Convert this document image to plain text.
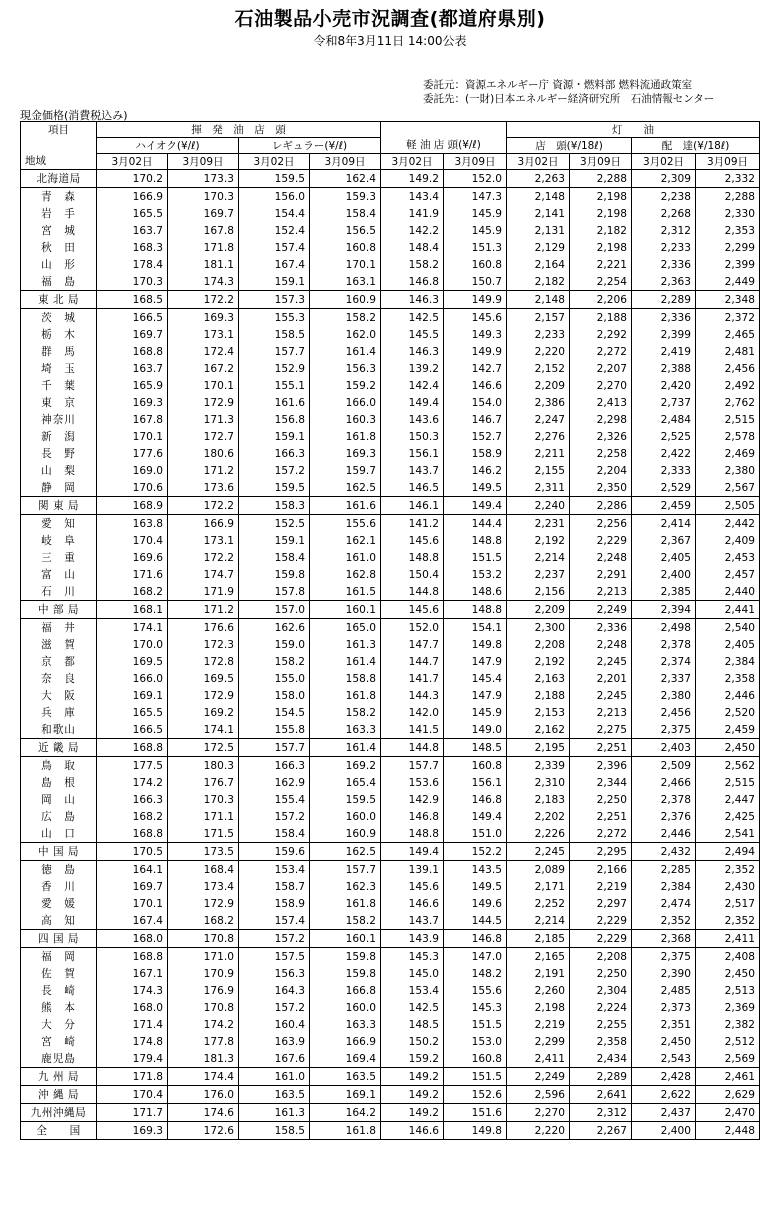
石油製品小売市況調査(都道府県別)
令和8年3月11日 14:00公表
委託元：資源エネルギー庁 資源・燃料部 燃料流通政策室
委託先：(一財)日本エネルギー経済研究所　石油情報センター
現金価格(消費税込み)
項目	揮　発　油　店　頭						灯　　油			
	ハイオク(¥/ℓ)		レギュラー(¥/ℓ)		軽 油 店 頭(¥/ℓ)		店　頭(¥/18ℓ)		配　達(¥/18ℓ)	
地域	3月02日	3月09日	3月02日	3月09日	3月02日	3月09日	3月02日	3月09日	3月02日	3月09日
北海道局	170.2	173.3	159.5	162.4	149.2	152.0	2,263	2,288	2,309	2,332
青　森	166.9	170.3	156.0	159.3	143.4	147.3	2,148	2,198	2,238	2,288
岩　手	165.5	169.7	154.4	158.4	141.9	145.9	2,141	2,198	2,268	2,330
宮　城	163.7	167.8	152.4	156.5	142.2	145.9	2,131	2,182	2,312	2,353
秋　田	168.3	171.8	157.4	160.8	148.4	151.3	2,129	2,198	2,233	2,299
山　形	178.4	181.1	167.4	170.1	158.2	160.8	2,164	2,221	2,336	2,399
福　島	170.3	174.3	159.1	163.1	146.8	150.7	2,182	2,254	2,363	2,449
東 北 局	168.5	172.2	157.3	160.9	146.3	149.9	2,148	2,206	2,289	2,348
茨　城	166.5	169.3	155.3	158.2	142.5	145.6	2,157	2,188	2,336	2,372
栃　木	169.7	173.1	158.5	162.0	145.5	149.3	2,233	2,292	2,399	2,465
群　馬	168.8	172.4	157.7	161.4	146.3	149.9	2,220	2,272	2,419	2,481
埼　玉	163.7	167.2	152.9	156.3	139.2	142.7	2,152	2,207	2,388	2,456
千　葉	165.9	170.1	155.1	159.2	142.4	146.6	2,209	2,270	2,420	2,492
東　京	169.3	172.9	161.6	166.0	149.4	154.0	2,386	2,413	2,737	2,762
神奈川	167.8	171.3	156.8	160.3	143.6	146.7	2,247	2,298	2,484	2,515
新　潟	170.1	172.7	159.1	161.8	150.3	152.7	2,276	2,326	2,525	2,578
長　野	177.6	180.6	166.3	169.3	156.1	158.9	2,211	2,258	2,422	2,469
山　梨	169.0	171.2	157.2	159.7	143.7	146.2	2,155	2,204	2,333	2,380
静　岡	170.6	173.6	159.5	162.5	146.5	149.5	2,311	2,350	2,529	2,567
関 東 局	168.9	172.2	158.3	161.6	146.1	149.4	2,240	2,286	2,459	2,505
愛　知	163.8	166.9	152.5	155.6	141.2	144.4	2,231	2,256	2,414	2,442
岐　阜	170.4	173.1	159.1	162.1	145.6	148.8	2,192	2,229	2,367	2,409
三　重	169.6	172.2	158.4	161.0	148.8	151.5	2,214	2,248	2,405	2,453
富　山	171.6	174.7	159.8	162.8	150.4	153.2	2,237	2,291	2,400	2,457
石　川	168.2	171.9	157.8	161.5	144.8	148.6	2,156	2,213	2,385	2,440
中 部 局	168.1	171.2	157.0	160.1	145.6	148.8	2,209	2,249	2,394	2,441
福　井	174.1	176.6	162.6	165.0	152.0	154.1	2,300	2,336	2,498	2,540
滋　賀	170.0	172.3	159.0	161.3	147.7	149.8	2,208	2,248	2,378	2,405
京　都	169.5	172.8	158.2	161.4	144.7	147.9	2,192	2,245	2,374	2,384
奈　良	166.0	169.5	155.0	158.8	141.7	145.4	2,163	2,201	2,337	2,358
大　阪	169.1	172.9	158.0	161.8	144.3	147.9	2,188	2,245	2,380	2,446
兵　庫	165.5	169.2	154.5	158.2	142.0	145.9	2,153	2,213	2,456	2,520
和歌山	166.5	174.1	155.8	163.3	141.5	149.0	2,162	2,275	2,375	2,459
近 畿 局	168.8	172.5	157.7	161.4	144.8	148.5	2,195	2,251	2,403	2,450
鳥　取	177.5	180.3	166.3	169.2	157.7	160.8	2,339	2,396	2,509	2,562
島　根	174.2	176.7	162.9	165.4	153.6	156.1	2,310	2,344	2,466	2,515
岡　山	166.3	170.3	155.4	159.5	142.9	146.8	2,183	2,250	2,378	2,447
広　島	168.2	171.1	157.2	160.0	146.8	149.4	2,202	2,251	2,376	2,425
山　口	168.8	171.5	158.4	160.9	148.8	151.0	2,226	2,272	2,446	2,541
中 国 局	170.5	173.5	159.6	162.5	149.4	152.2	2,245	2,295	2,432	2,494
徳　島	164.1	168.4	153.4	157.7	139.1	143.5	2,089	2,166	2,285	2,352
香　川	169.7	173.4	158.7	162.3	145.6	149.5	2,171	2,219	2,384	2,430
愛　媛	170.1	172.9	158.9	161.8	146.6	149.6	2,252	2,297	2,474	2,517
高　知	167.4	168.2	157.4	158.2	143.7	144.5	2,214	2,229	2,352	2,352
四 国 局	168.0	170.8	157.2	160.1	143.9	146.8	2,185	2,229	2,368	2,411
福　岡	168.8	171.0	157.5	159.8	145.3	147.0	2,165	2,208	2,375	2,408
佐　賀	167.1	170.9	156.3	159.8	145.0	148.2	2,191	2,250	2,390	2,450
長　崎	174.3	176.9	164.3	166.8	153.4	155.6	2,260	2,304	2,485	2,513
熊　本	168.0	170.8	157.2	160.0	142.5	145.3	2,198	2,224	2,373	2,369
大　分	171.4	174.2	160.4	163.3	148.5	151.5	2,219	2,255	2,351	2,382
宮　崎	174.8	177.8	163.9	166.9	150.2	153.0	2,299	2,358	2,450	2,512
鹿児島	179.4	181.3	167.6	169.4	159.2	160.8	2,411	2,434	2,543	2,569
九 州 局	171.8	174.4	161.0	163.5	149.2	151.5	2,249	2,289	2,428	2,461
沖 縄 局	170.4	176.0	163.5	169.1	149.2	152.6	2,596	2,641	2,622	2,629
九州沖縄局	171.7	174.6	161.3	164.2	149.2	151.6	2,270	2,312	2,437	2,470
全　　国	169.3	172.6	158.5	161.8	146.6	149.8	2,220	2,267	2,400	2,448
